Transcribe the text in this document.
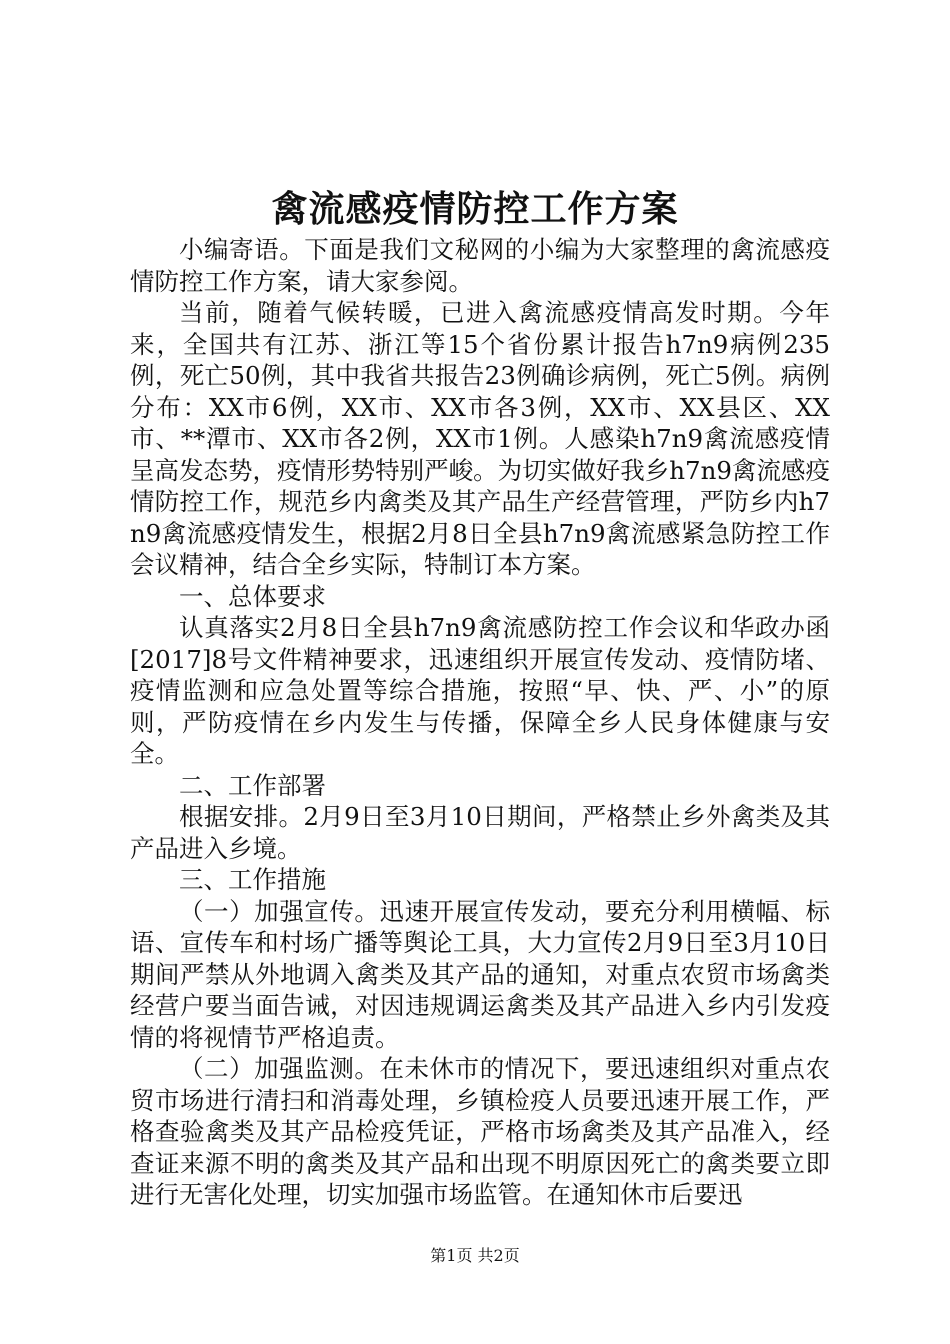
禽流感疫情防控工作方案

小编寄语。下面是我们文秘网的小编为大家整理的禽流感疫情防控工作方案，请大家参阅。

当前，随着气候转暖，已进入禽流感疫情高发时期。今年来，全国共有江苏、浙江等15个省份累计报告h7n9病例235例，死亡50例，其中我省共报告23例确诊病例，死亡5例。病例分布：XX市6例，XX市、XX市各3例，XX市、XX县区、XX市、**潭市、XX市各2例，XX市1例。人感染h7n9禽流感疫情呈高发态势，疫情形势特别严峻。为切实做好我乡h7n9禽流感疫情防控工作，规范乡内禽类及其产品生产经营管理，严防乡内h7n9禽流感疫情发生，根据2月8日全县h7n9禽流感紧急防控工作会议精神，结合全乡实际，特制订本方案。

一、总体要求

认真落实2月8日全县h7n9禽流感防控工作会议和华政办函[2017]8号文件精神要求，迅速组织开展宣传发动、疫情防堵、疫情监测和应急处置等综合措施，按照“早、快、严、小”的原则，严防疫情在乡内发生与传播，保障全乡人民身体健康与安全。

二、工作部署

根据安排。2月9日至3月10日期间，严格禁止乡外禽类及其产品进入乡境。

三、工作措施

（一）加强宣传。迅速开展宣传发动，要充分利用横幅、标语、宣传车和村场广播等舆论工具，大力宣传2月9日至3月10日期间严禁从外地调入禽类及其产品的通知，对重点农贸市场禽类经营户要当面告诫，对因违规调运禽类及其产品进入乡内引发疫情的将视情节严格追责。

（二）加强监测。在未休市的情况下，要迅速组织对重点农贸市场进行清扫和消毒处理，乡镇检疫人员要迅速开展工作，严格查验禽类及其产品检疫凭证，严格市场禽类及其产品准入，经查证来源不明的禽类及其产品和出现不明原因死亡的禽类要立即进行无害化处理，切实加强市场监管。在通知休市后要迅

第1页 共2页
